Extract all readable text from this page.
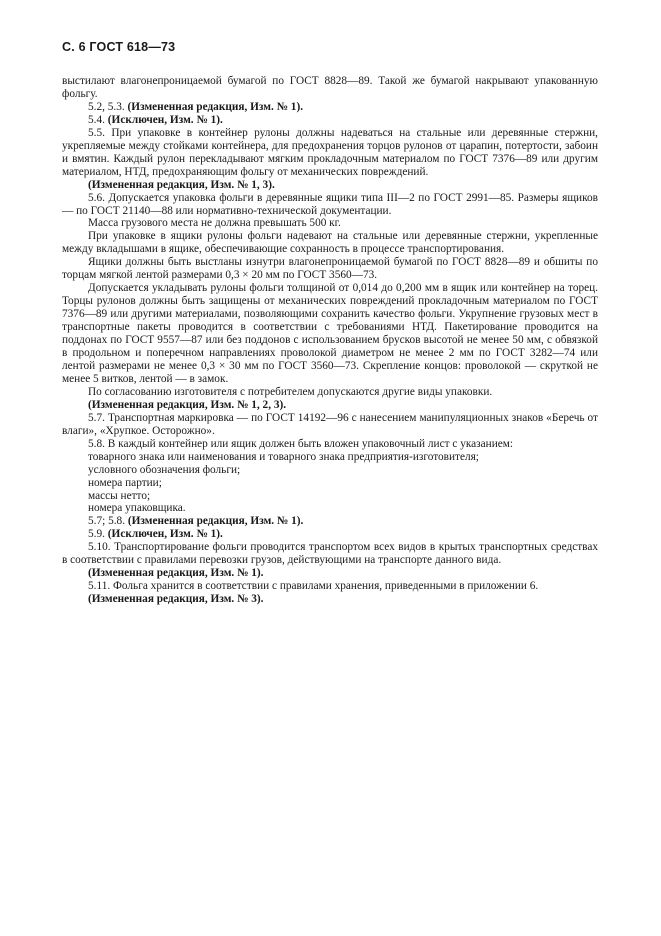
С. 6 ГОСТ 618—73

выстилают влагонепроницаемой бумагой по ГОСТ 8828—89. Такой же бумагой накрывают упакованную фольгу.

5.2, 5.3. (Измененная редакция, Изм. № 1).

5.4. (Исключен, Изм. № 1).

5.5. При упаковке в контейнер рулоны должны надеваться на стальные или деревянные стержни, укрепляемые между стойками контейнера, для предохранения торцов рулонов от царапин, потертости, забоин и вмятин. Каждый рулон перекладывают мягким прокладочным материалом по ГОСТ 7376—89 или другим материалом, НТД, предохраняющим фольгу от механических повреждений.

(Измененная редакция, Изм. № 1, 3).

5.6. Допускается упаковка фольги в деревянные ящики типа III—2 по ГОСТ 2991—85. Размеры ящиков — по ГОСТ 21140—88 или нормативно-технической документации.

Масса грузового места не должна превышать 500 кг.

При упаковке в ящики рулоны фольги надевают на стальные или деревянные стержни, укрепленные между вкладышами в ящике, обеспечивающие сохранность в процессе транспортирования.

Ящики должны быть выстланы изнутри влагонепроницаемой бумагой по ГОСТ 8828—89 и обшиты по торцам мягкой лентой размерами 0,3 × 20 мм по ГОСТ 3560—73.

Допускается укладывать рулоны фольги толщиной от 0,014 до 0,200 мм в ящик или контейнер на торец. Торцы рулонов должны быть защищены от механических повреждений прокладочным материалом по ГОСТ 7376—89 или другими материалами, позволяющими сохранить качество фольги. Укрупнение грузовых мест в транспортные пакеты проводится в соответствии с требованиями НТД. Пакетирование проводится на поддонах по ГОСТ 9557—87 или без поддонов с использованием брусков высотой не менее 50 мм, с обвязкой в продольном и поперечном направлениях проволокой диаметром не менее 2 мм по ГОСТ 3282—74 или лентой размерами не менее 0,3 × 30 мм по ГОСТ 3560—73. Скрепление концов: проволокой — скруткой не менее 5 витков, лентой — в замок.

По согласованию изготовителя с потребителем допускаются другие виды упаковки.

(Измененная редакция, Изм. № 1, 2, 3).

5.7. Транспортная маркировка — по ГОСТ 14192—96 с нанесением манипуляционных знаков «Беречь от влаги», «Хрупкое. Осторожно».

5.8. В каждый контейнер или ящик должен быть вложен упаковочный лист с указанием:

товарного знака или наименования и товарного знака предприятия-изготовителя;

условного обозначения фольги;

номера партии;

массы нетто;

номера упаковщика.

5.7; 5.8. (Измененная редакция, Изм. № 1).

5.9. (Исключен, Изм. № 1).

5.10. Транспортирование фольги проводится транспортом всех видов в крытых транспортных средствах в соответствии с правилами перевозки грузов, действующими на транспорте данного вида.

(Измененная редакция, Изм. № 1).

5.11. Фольга хранится в соответствии с правилами хранения, приведенными в приложении 6.

(Измененная редакция, Изм. № 3).
